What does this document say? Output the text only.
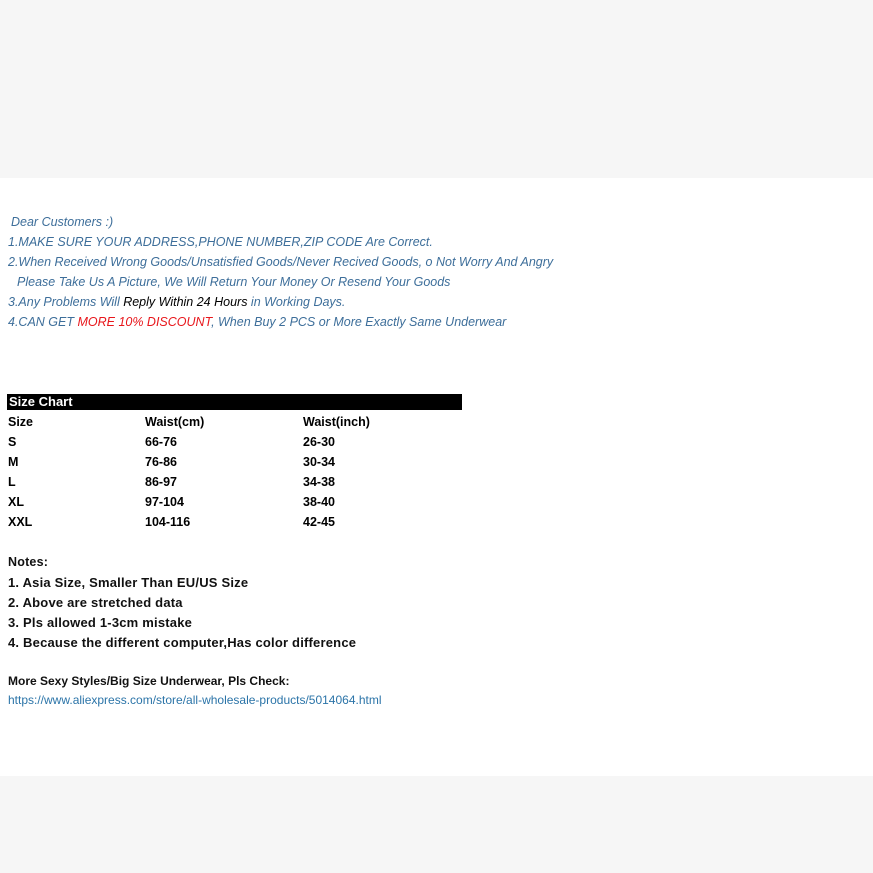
Dear Customers :)
1.MAKE SURE YOUR ADDRESS,PHONE NUMBER,ZIP CODE Are Correct.
2.When Received Wrong Goods/Unsatisfied Goods/Never Recived Goods, o Not Worry And Angry
Please Take Us A Picture, We Will Return Your Money Or Resend Your Goods
3.Any Problems Will Reply Within 24 Hours in Working Days.
4.CAN GET MORE 10% DISCOUNT, When Buy 2 PCS or More Exactly Same Underwear
Size Chart
Size	Waist(cm)	Waist(inch)
S	66-76	26-30
M	76-86	30-34
L	86-97	34-38
XL	97-104	38-40
XXL	104-116	42-45
Notes:
1. Asia Size, Smaller Than EU/US Size
2. Above are stretched data
3. Pls allowed 1-3cm mistake
4. Because the different computer,Has color difference
More Sexy Styles/Big Size Underwear, Pls Check:
https://www.aliexpress.com/store/all-wholesale-products/5014064.html
